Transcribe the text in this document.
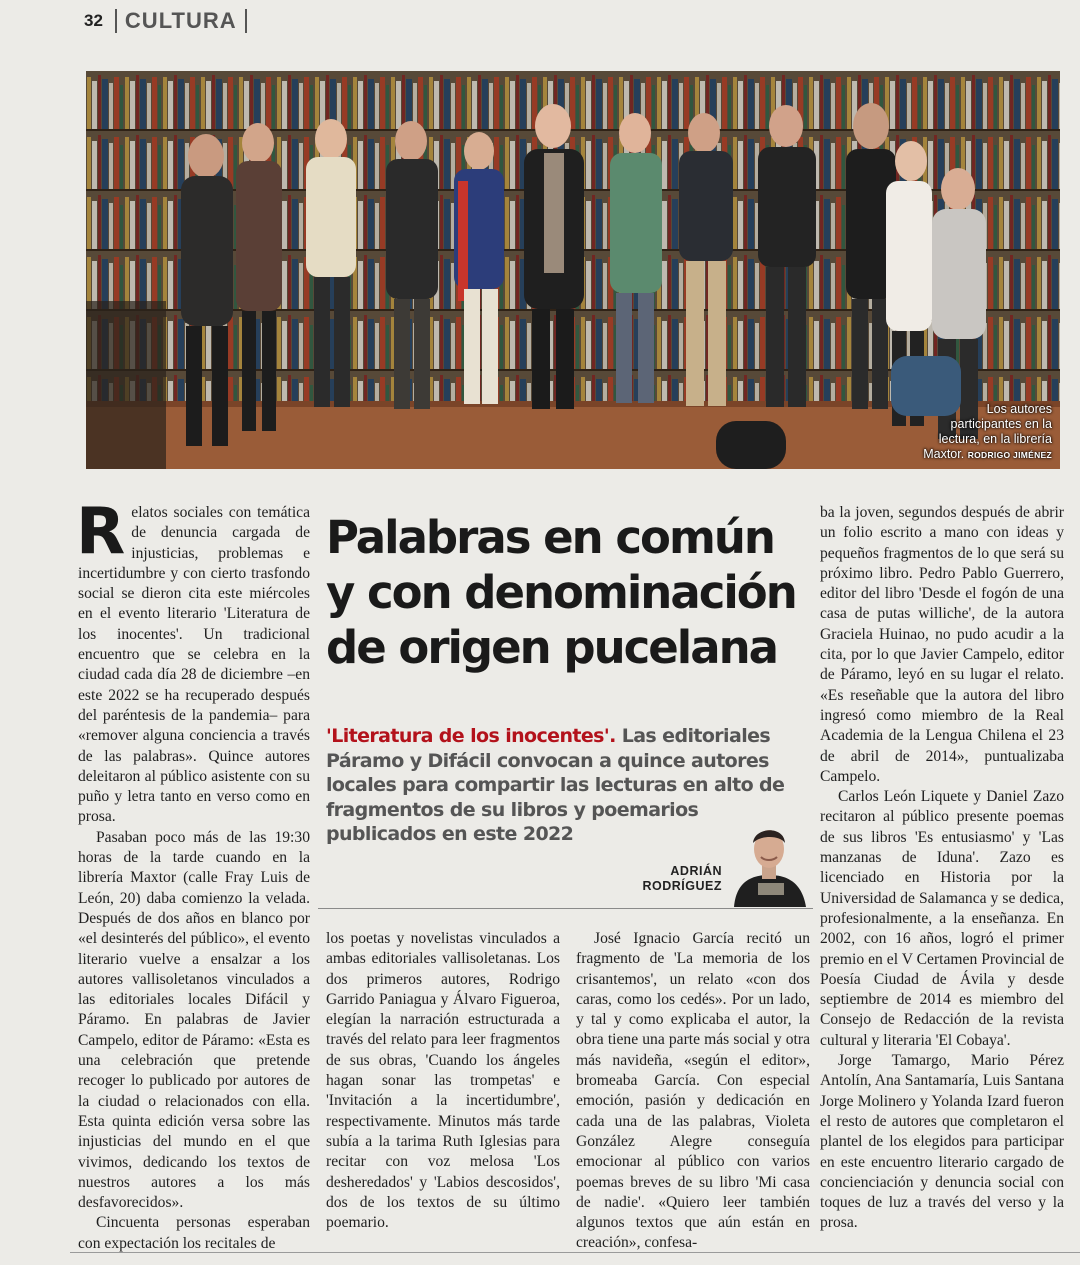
32 CULTURA
Los autores
participantes en la
lectura, en la librería
Maxtor. RODRIGO JIMÉNEZ
Palabras en común
y con denominación
de origen pucelana
'Literatura de los inocentes'. Las editoriales Páramo y Difácil convocan a quince autores locales para compartir las lecturas en alto de fragmentos de su libros y poemarios publicados en este 2022
ADRIÁN
RODRÍGUEZ

Relatos sociales con temática de denuncia cargada de injusticias, problemas e incertidumbre y con cierto trasfondo social se dieron cita este miércoles en el evento literario 'Literatura de los inocentes'. Un tradicional encuentro que se celebra en la ciudad cada día 28 de diciembre –en este 2022 se ha recuperado después del paréntesis de la pandemia– para «remover alguna conciencia a través de las palabras». Quince autores deleitaron al público asistente con su puño y letra tanto en verso como en prosa.

Pasaban poco más de las 19:30 horas de la tarde cuando en la librería Maxtor (calle Fray Luis de León, 20) daba comienzo la velada. Después de dos años en blanco por «el desinterés del público», el evento literario vuelve a ensalzar a los autores vallisoletanos vinculados a las editoriales locales Difácil y Páramo. En palabras de Javier Campelo, editor de Páramo: «Esta es una celebración que pretende recoger lo publicado por autores de la ciudad o relacionados con ella. Esta quinta edición versa sobre las injusticias del mundo en el que vivimos, dedicando los textos de nuestros autores a los más desfavorecidos».

Cincuenta personas esperaban con expectación los recitales de

los poetas y novelistas vinculados a ambas editoriales vallisoletanas. Los dos primeros autores, Rodrigo Garrido Paniagua y Álvaro Figueroa, elegían la narración estructurada a través del relato para leer fragmentos de sus obras, 'Cuando los ángeles hagan sonar las trompetas' e 'Invitación a la incertidumbre', respectivamente. Minutos más tarde subía a la tarima Ruth Iglesias para recitar con voz melosa 'Los desheredados' y 'Labios descosidos', dos de los textos de su último poemario.

José Ignacio García recitó un fragmento de 'La memoria de los crisantemos', un relato «con dos caras, como los cedés». Por un lado, y tal y como explicaba el autor, la obra tiene una parte más social y otra más navideña, «según el editor», bromeaba García. Con especial emoción, pasión y dedicación en cada una de las palabras, Violeta González Alegre conseguía emocionar al público con varios poemas breves de su libro 'Mi casa de nadie'. «Quiero leer también algunos textos que aún están en creación», confesa-

ba la joven, segundos después de abrir un folio escrito a mano con ideas y pequeños fragmentos de lo que será su próximo libro. Pedro Pablo Guerrero, editor del libro 'Desde el fogón de una casa de putas williche', de la autora Graciela Huinao, no pudo acudir a la cita, por lo que Javier Campelo, editor de Páramo, leyó en su lugar el relato. «Es reseñable que la autora del libro ingresó como miembro de la Real Academia de la Lengua Chilena el 23 de abril de 2014», puntualizaba Campelo.

Carlos León Liquete y Daniel Zazo recitaron al público presente poemas de sus libros 'Es entusiasmo' y 'Las manzanas de Iduna'. Zazo es licenciado en Historia por la Universidad de Salamanca y se dedica, profesionalmente, a la enseñanza. En 2002, con 16 años, logró el primer premio en el V Certamen Provincial de Poesía Ciudad de Ávila y desde septiembre de 2014 es miembro del Consejo de Redacción de la revista cultural y literaria 'El Cobaya'.

Jorge Tamargo, Mario Pérez Antolín, Ana Santamaría, Luis Santana Jorge Molinero y Yolanda Izard fueron el resto de autores que completaron el plantel de los elegidos para participar en este encuentro literario cargado de concienciación y denuncia social con toques de luz a través del verso y la prosa.
